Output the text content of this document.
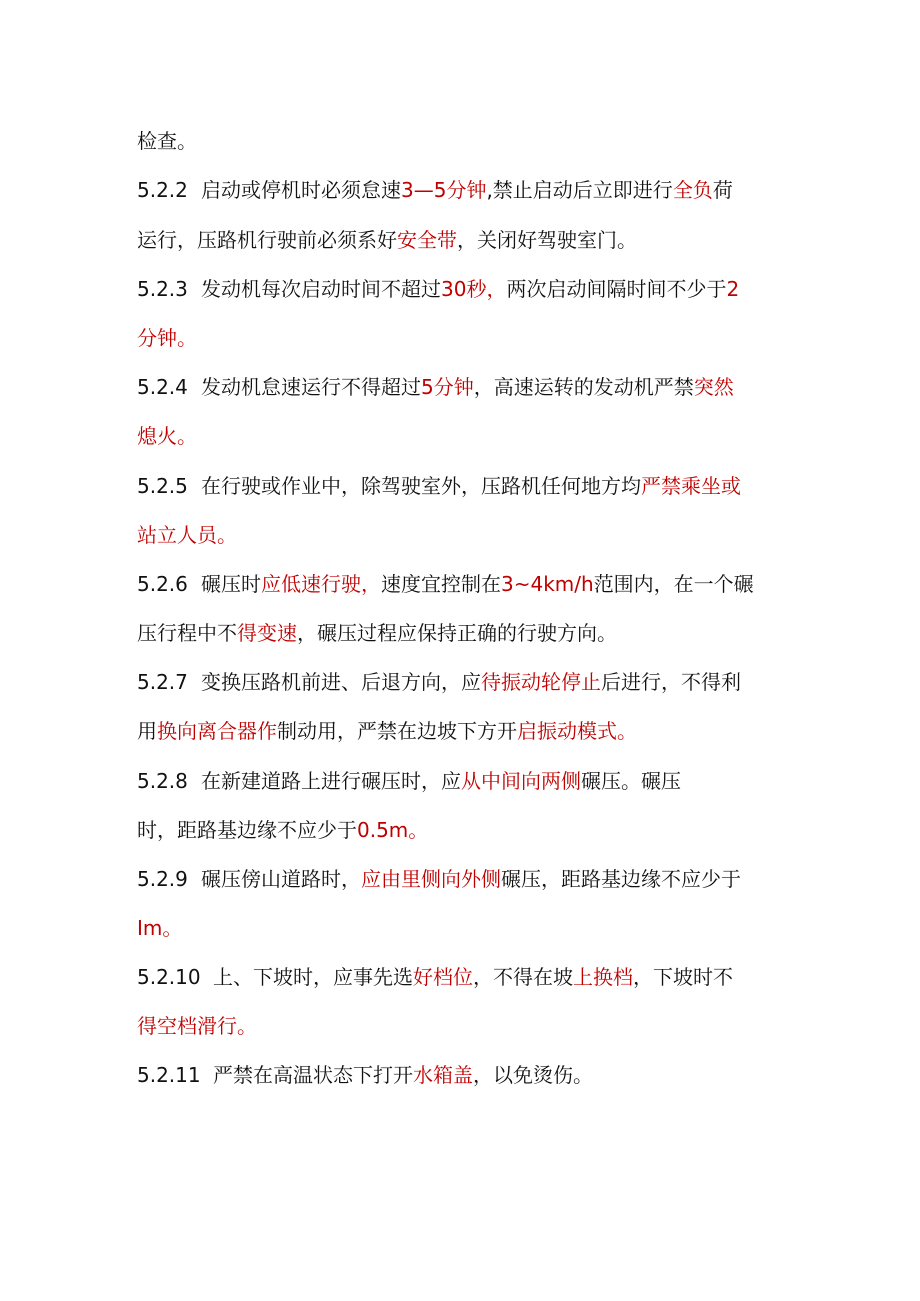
检查。
5.2.2 启动或停机时必须怠速3—5分钟,禁止启动后立即进行全负荷
运行，压路机行驶前必须系好安全带，关闭好驾驶室门。
5.2.3 发动机每次启动时间不超过30秒，两次启动间隔时间不少于2
分钟。
5.2.4 发动机怠速运行不得超过5分钟，高速运转的发动机严禁突然
熄火。
5.2.5 在行驶或作业中，除驾驶室外，压路机任何地方均严禁乘坐或
站立人员。
5.2.6 碾压时应低速行驶，速度宜控制在3~4km/h范围内，在一个碾
压行程中不得变速，碾压过程应保持正确的行驶方向。
5.2.7 变换压路机前进、后退方向，应待振动轮停止后进行，不得利
用换向离合器作制动用，严禁在边坡下方开启振动模式。
5.2.8 在新建道路上进行碾压时，应从中间向两侧碾压。碾压
时，距路基边缘不应少于0.5m。
5.2.9 碾压傍山道路时，应由里侧向外侧碾压，距路基边缘不应少于
Im。
5.2.10 上、下坡时，应事先选好档位，不得在坡上换档，下坡时不
得空档滑行。
5.2.11 严禁在高温状态下打开水箱盖，以免烫伤。
